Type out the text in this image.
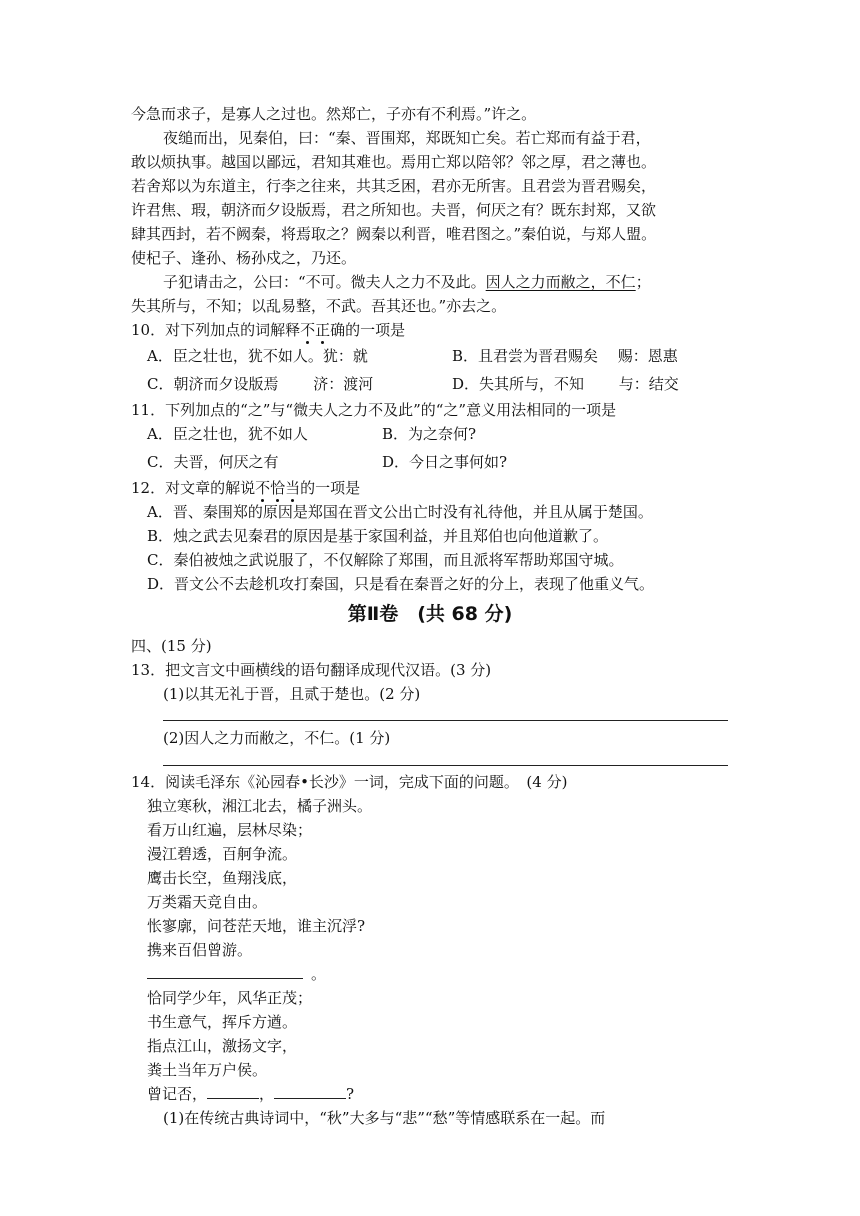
今急而求子，是寡人之过也。然郑亡，子亦有不利焉。”许之。
夜缒而出，见秦伯，曰：“秦、晋围郑，郑既知亡矣。若亡郑而有益于君，
敢以烦执事。越国以鄙远，君知其难也。焉用亡郑以陪邻？邻之厚，君之薄也。
若舍郑以为东道主，行李之往来，共其乏困，君亦无所害。且君尝为晋君赐矣，
许君焦、瑕，朝济而夕设版焉，君之所知也。夫晋，何厌之有？既东封郑，又欲
肆其西封，若不阙秦，将焉取之？阙秦以利晋，唯君图之。”秦伯说，与郑人盟。
使杞子、逢孙、杨孙戍之，乃还。
子犯请击之，公曰：“不可。微夫人之力不及此。因人之力而敝之，不仁；
失其所与，不知；以乱易整，不武。吾其还也。”亦去之。
10．对下列加点的词解释不正确的一项是
A．臣之壮也，犹不如人。犹：就	B．且君尝为晋君赐矣　 赐：恩惠
C．朝济而夕设版焉　　 济：渡河	D．失其所与，不知　　 与：结交
11．下列加点的“之”与“微夫人之力不及此”的“之”意义用法相同的一项是
A．臣之壮也，犹不如人	B．为之奈何?
C．夫晋，何厌之有	D．今日之事何如?
12．对文章的解说不恰当的一项是
A．晋、秦围郑的原因是郑国在晋文公出亡时没有礼待他，并且从属于楚国。
B．烛之武去见秦君的原因是基于家国利益，并且郑伯也向他道歉了。
C．秦伯被烛之武说服了，不仅解除了郑围，而且派将军帮助郑国守城。
D．晋文公不去趁机攻打秦国，只是看在秦晋之好的分上，表现了他重义气。
第Ⅱ卷　(共 68 分)
四、(15 分)
13．把文言文中画横线的语句翻译成现代汉语。(3 分)
(1)以其无礼于晋，且贰于楚也。(2 分)
(2)因人之力而敝之，不仁。(1 分)
14．阅读毛泽东《沁园春•长沙》一词，完成下面的问题。　(4 分)
独立寒秋，湘江北去，橘子洲头。
看万山红遍，层林尽染；
漫江碧透，百舸争流。
鹰击长空，鱼翔浅底，
万类霜天竞自由。
怅寥廓，问苍茫天地，谁主沉浮?
携来百侣曾游。
。
恰同学少年，风华正茂；
书生意气，挥斥方遒。
指点江山，激扬文字，
粪土当年万户侯。
曾记否，	，	?
(1)在传统古典诗词中，“秋”大多与“悲”“愁”等情感联系在一起。而
